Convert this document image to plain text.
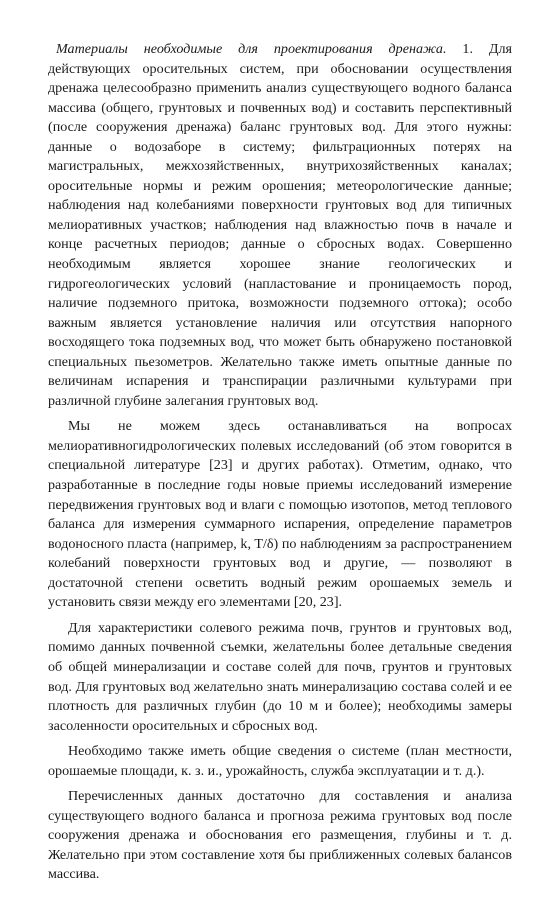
Материалы необходимые для проектирования дренажа. 1. Для действующих оросительных систем, при обосновании осуществления дренажа целесообразно применить анализ существующего водного баланса массива (общего, грунтовых и почвенных вод) и составить перспективный (после сооружения дренажа) баланс грунтовых вод. Для этого нужны: данные о водозаборе в систему; фильтрационных потерях на магистральных, межхозяйственных, внутрихозяйственных каналах; оросительные нормы и режим орошения; метеорологические данные; наблюдения над колебаниями поверхности грунтовых вод для типичных мелиоративных участков; наблюдения над влажностью почв в начале и конце расчетных периодов; данные о сбросных водах. Совершенно необходимым является хорошее знание геологических и гидрогеологических условий (напластование и проницаемость пород, наличие подземного притока, возможности подземного оттока); особо важным является установление наличия или отсутствия напорного восходящего тока подземных вод, что может быть обнаружено постановкой специальных пьезометров. Желательно также иметь опытные данные по величинам испарения и транспирации различными культурами при различной глубине залегания грунтовых вод.

Мы не можем здесь останавливаться на вопросах мелиоративногидрологических полевых исследований (об этом говорится в специальной литературе [23] и других работах). Отметим, однако, что разработанные в последние годы новые приемы исследований измерение передвижения грунтовых вод и влаги с помощью изотопов, метод теплового баланса для измерения суммарного испарения, определение параметров водоносного пласта (например, k, T/δ) по наблюдениям за распространением колебаний поверхности грунтовых вод и другие, — позволяют в достаточной степени осветить водный режим орошаемых земель и установить связи между его элементами [20, 23].

Для характеристики солевого режима почв, грунтов и грунтовых вод, помимо данных почвенной съемки, желательны более детальные сведения об общей минерализации и составе солей для почв, грунтов и грунтовых вод. Для грунтовых вод желательно знать минерализацию состава солей и ее плотность для различных глубин (до 10 м и более); необходимы замеры засоленности оросительных и сбросных вод.

Необходимо также иметь общие сведения о системе (план местности, орошаемые площади, к. з. и., урожайность, служба эксплуатации и т. д.).

Перечисленных данных достаточно для составления и анализа существующего водного баланса и прогноза режима грунтовых вод после сооружения дренажа и обоснования его размещения, глубины и т. д. Желательно при этом составление хотя бы приближенных солевых балансов массива.
